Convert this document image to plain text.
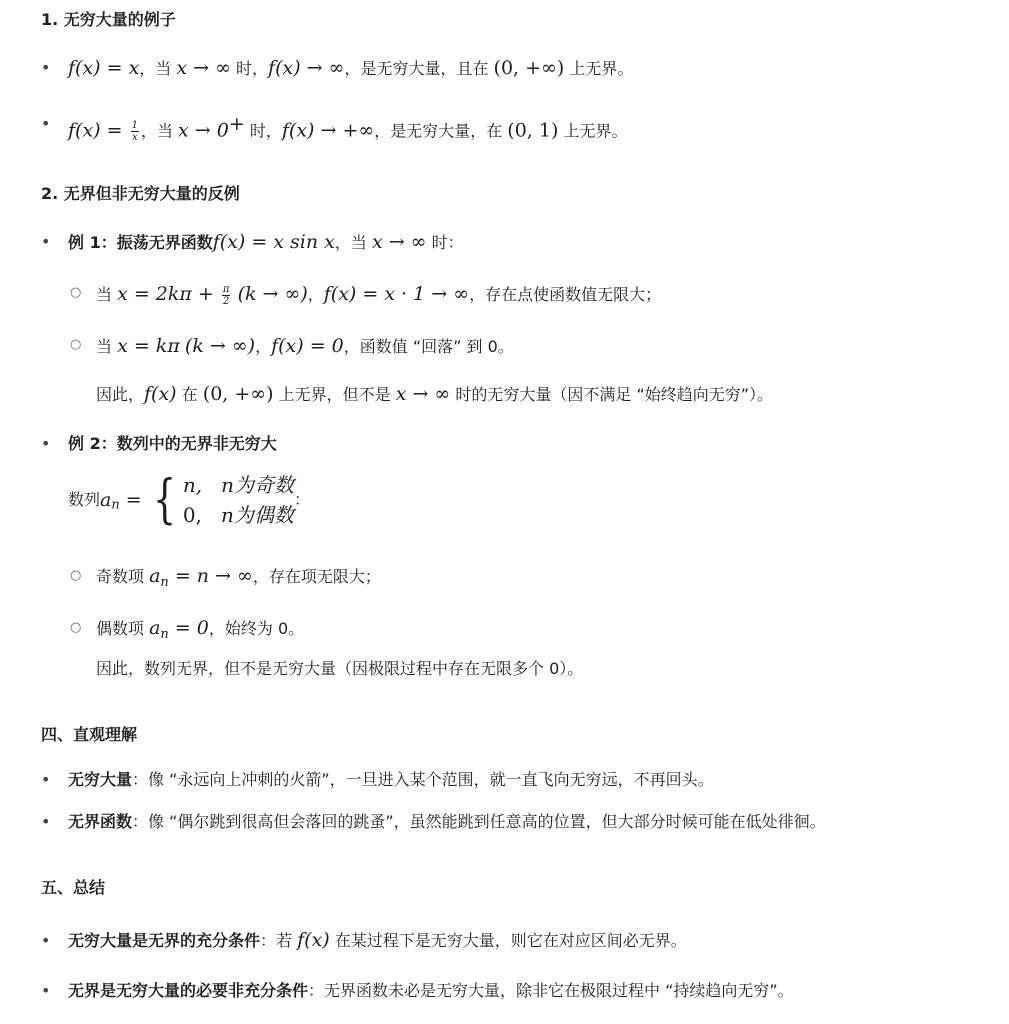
1. 无穷大量的例子
• f(x) = x，当 x → ∞ 时，f(x) → ∞，是无穷大量，且在 (0, +∞) 上无界。
• $f(x) = \frac{1}{x}$ ，当 x → 0+ 时，f(x) → +∞，是无穷大量，在 (0, 1) 上无界。
2. 无界但非无穷大量的反例
• 例 1：振荡无界函数f(x) = x sin x，当 x → ∞ 时：
○ 当 $x = 2k\pi + \frac{\pi}{2} (k$ → ∞)，f(x) = x · 1 → ∞，存在点使函数值无限大；
○ 当 x = kπ (k → ∞)，f(x) = 0，函数值 “回落” 到 0。
因此，f(x) 在 (0, +∞) 上无界，但不是 x → ∞ 时的无穷大量（因不满足 “始终趋向无穷”）。
• 例 2：数列中的无界非无穷大
数列$a_n$ = { n, n为奇数
0, n为偶数
：
○ 奇数项 $a_n = n$ → ∞，存在项无限大；
○ 偶数项 $a_n = 0$，始终为 0。
因此，数列无界，但不是无穷大量（因极限过程中存在无限多个 0）。
四、直观理解
• 无穷大量：像 “永远向上冲刺的火箭”，一旦进入某个范围，就一直飞向无穷远，不再回头。
• 无界函数：像 “偶尔跳到很高但会落回的跳蚤”，虽然能跳到任意高的位置，但大部分时候可能在低处徘徊。
五、总结
• 无穷大量是无界的充分条件：若 f(x) 在某过程下是无穷大量，则它在对应区间必无界。
• 无界是无穷大量的必要非充分条件：无界函数未必是无穷大量，除非它在极限过程中 “持续趋向无穷”。
